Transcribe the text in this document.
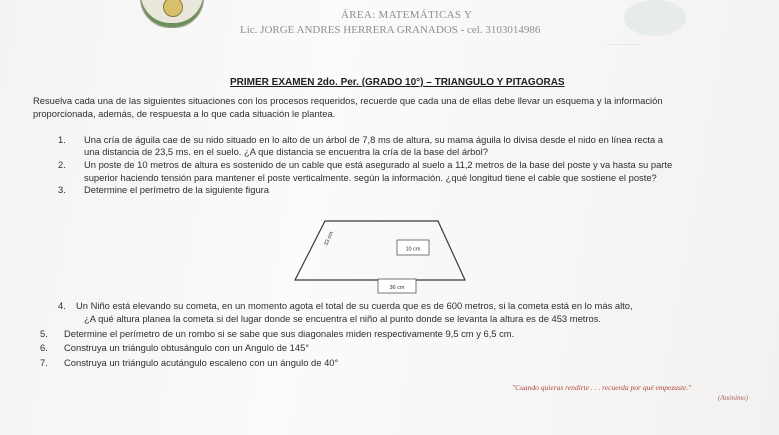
~~~ ~~~~ ~~~~~~
ÁREA: MATEMÁTICAS Y
Lic. JORGE ANDRES HERRERA GRANADOS - cel. 3103014986
PRIMER EXAMEN 2do. Per. (GRADO 10°) – TRIANGULO Y PITAGORAS
Resuelva cada una de las siguientes situaciones con los procesos requeridos, recuerde que cada una de ellas debe llevar un esquema y la información
proporcionada, además, de respuesta a lo que cada situación le plantea.
1. Una cría de águila cae de su nido situado en lo alto de un árbol de 7,8 ms de altura, su mama águila lo divisa desde el nido en línea recta a
una distancia de 23,5 ms. en el suelo. ¿A que distancia se encuentra la cría de la base del árbol?
2. Un poste de 10 metros de altura es sostenido de un cable que está asegurado al suelo a 11,2 metros de la base del poste y va hasta su parte
superior haciendo tensión para mantener el poste verticalmente. según la información. ¿qué longitud tiene el cable que sostiene el poste?
3. Determine el perímetro de la siguiente figura
10 cm
36 cm
33 cm
4. Un Niño está elevando su cometa, en un momento agota el total de su cuerda que es de 600 metros, si la cometa está en lo más alto,
¿A qué altura planea la cometa si del lugar donde se encuentra el niño al punto donde se levanta la altura es de 453 metros.
5. Determine el perímetro de un rombo si se sabe que sus diagonales miden respectivamente 9,5 cm y 6,5 cm.
6. Construya un triángulo obtusángulo con un Angulo de 145°
7. Construya un triángulo acutángulo escaleno con un ángulo de 40°
"Cuando quieras rendirte . . . recuerda por qué empezaste."
(Anónimo)
